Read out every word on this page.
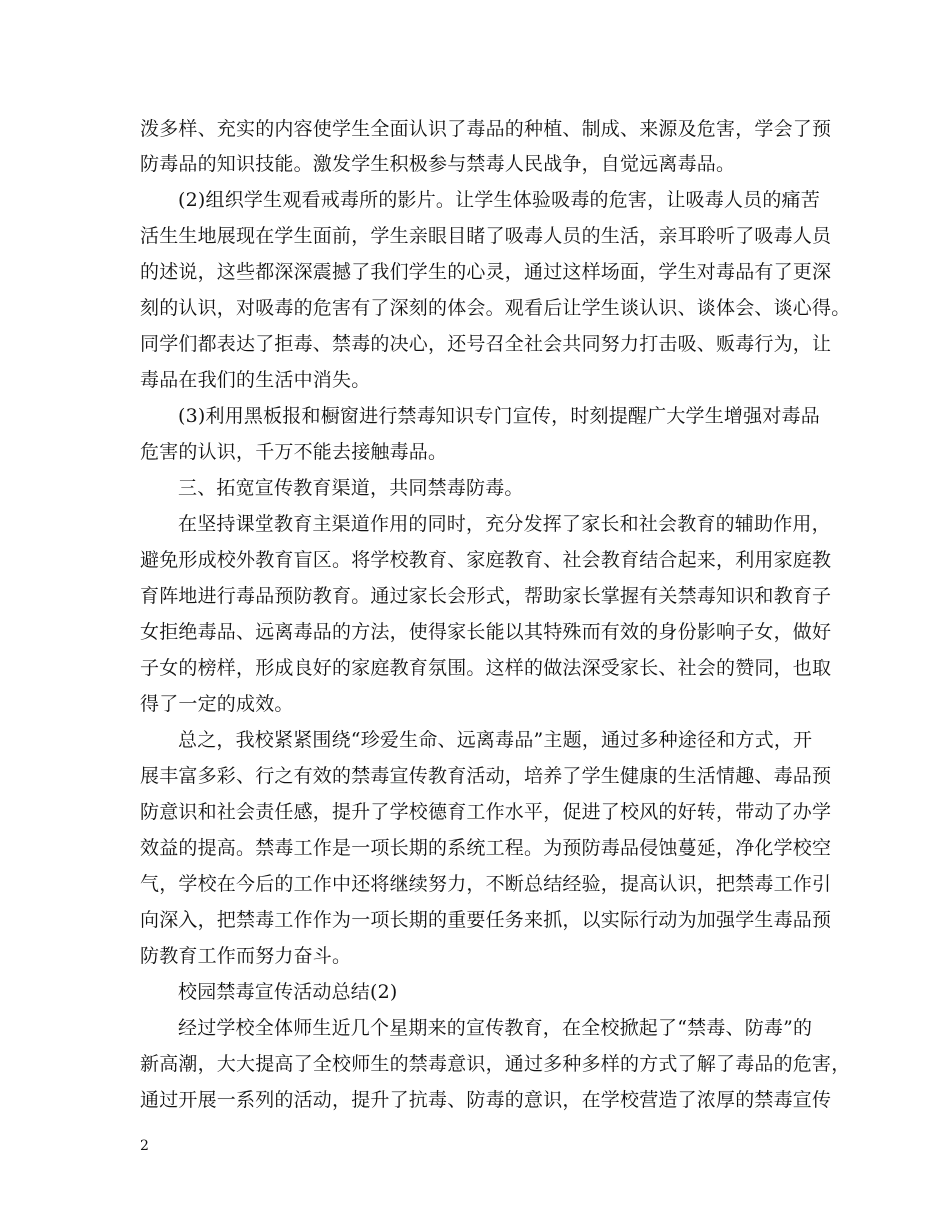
泼多样、充实的内容使学生全面认识了毒品的种植、制成、来源及危害，学会了预
防毒品的知识技能。激发学生积极参与禁毒人民战争，自觉远离毒品。
(2)组织学生观看戒毒所的影片。让学生体验吸毒的危害，让吸毒人员的痛苦
活生生地展现在学生面前，学生亲眼目睹了吸毒人员的生活，亲耳聆听了吸毒人员
的述说，这些都深深震撼了我们学生的心灵，通过这样场面，学生对毒品有了更深
刻的认识，对吸毒的危害有了深刻的体会。观看后让学生谈认识、谈体会、谈心得。
同学们都表达了拒毒、禁毒的决心，还号召全社会共同努力打击吸、贩毒行为，让
毒品在我们的生活中消失。
(3)利用黑板报和橱窗进行禁毒知识专门宣传，时刻提醒广大学生增强对毒品
危害的认识，千万不能去接触毒品。
三、拓宽宣传教育渠道，共同禁毒防毒。
在坚持课堂教育主渠道作用的同时，充分发挥了家长和社会教育的辅助作用，
避免形成校外教育盲区。将学校教育、家庭教育、社会教育结合起来，利用家庭教
育阵地进行毒品预防教育。通过家长会形式，帮助家长掌握有关禁毒知识和教育子
女拒绝毒品、远离毒品的方法，使得家长能以其特殊而有效的身份影响子女，做好
子女的榜样，形成良好的家庭教育氛围。这样的做法深受家长、社会的赞同，也取
得了一定的成效。
总之，我校紧紧围绕“珍爱生命、远离毒品”主题，通过多种途径和方式，开
展丰富多彩、行之有效的禁毒宣传教育活动，培养了学生健康的生活情趣、毒品预
防意识和社会责任感，提升了学校德育工作水平，促进了校风的好转，带动了办学
效益的提高。禁毒工作是一项长期的系统工程。为预防毒品侵蚀蔓延，净化学校空
气，学校在今后的工作中还将继续努力，不断总结经验，提高认识，把禁毒工作引
向深入，把禁毒工作作为一项长期的重要任务来抓，以实际行动为加强学生毒品预
防教育工作而努力奋斗。
校园禁毒宣传活动总结(2)
经过学校全体师生近几个星期来的宣传教育，在全校掀起了“禁毒、防毒”的
新高潮，大大提高了全校师生的禁毒意识，通过多种多样的方式了解了毒品的危害，
通过开展一系列的活动，提升了抗毒、防毒的意识，在学校营造了浓厚的禁毒宣传
2
